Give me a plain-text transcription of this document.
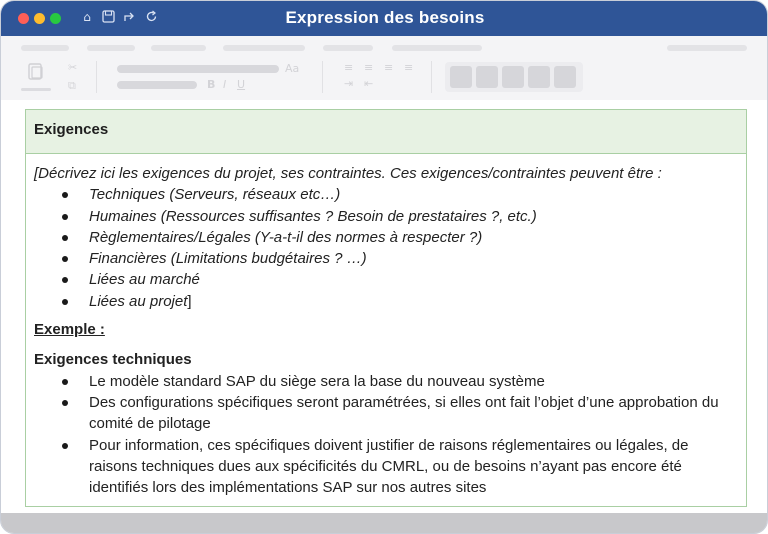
⌂	Expression des besoins
✂
⧉
Aa
B I U
≡ ≡ ≡ ≡
⇥ ⇤
Exigences
[Décrivez ici les exigences du projet, ses contraintes. Ces exigences/contraintes peuvent être :
Techniques (Serveurs, réseaux etc…)
Humaines (Ressources suffisantes ? Besoin de prestataires ?, etc.)
Règlementaires/Légales (Y-a-t-il des normes à respecter ?)
Financières (Limitations budgétaires ? …)
Liées au marché
Liées au projet]
Exemple :
Exigences techniques
Le modèle standard SAP du siège sera la base du nouveau système
Des configurations spécifiques seront paramétrées, si elles ont fait l’objet d’une approbation du comité de pilotage
Pour information, ces spécifiques doivent justifier de raisons réglementaires ou légales, de raisons techniques dues aux spécificités du CMRL, ou de besoins n’ayant pas encore été identifiés lors des implémentations SAP sur nos autres sites
